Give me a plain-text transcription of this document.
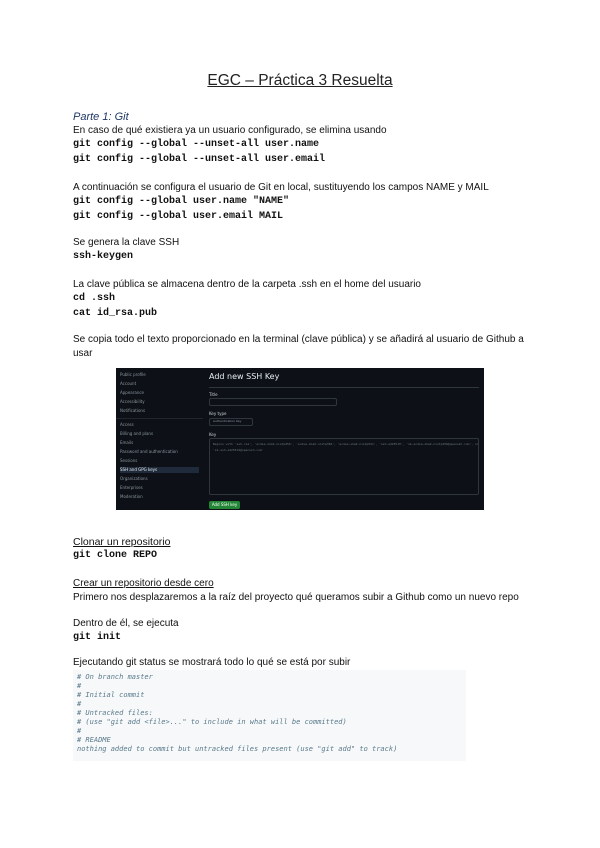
EGC – Práctica 3 Resuelta
Parte 1: Git
En caso de qué existiera ya un usuario configurado, se elimina usando
git config --global --unset-all user.name
git config --global --unset-all user.email
A continuación se configura el usuario de Git en local, sustituyendo los campos NAME y MAIL
git config --global user.name "NAME"
git config --global user.email MAIL
Se genera la clave SSH
ssh-keygen
La clave pública se almacena dentro de la carpeta .ssh en el home del usuario
cd .ssh
cat id_rsa.pub
Se copia todo el texto proporcionado en la terminal (clave pública) y se añadirá al usuario de Github a usar
Public profile
Account
Appearance
Accessibility
Notifications
Access
Billing and plans
Emails
Password and authentication
Sessions
SSH and GPG keys
Organizations
Enterprises
Moderation
Add new SSH Key
Title
Key type
Authentication Key
Key
Begins with 'ssh-rsa', 'ecdsa-sha2-nistp256', 'ecdsa-sha2-nistp384', 'ecdsa-sha2-nistp521', 'ssh-ed25519', 'sk-ecdsa-sha2-nistp256@openssh.com', or
'sk-ssh-ed25519@openssh.com'
Add SSH key
Clonar un repositorio
git clone REPO
Crear un repositorio desde cero
Primero nos desplazaremos a la raíz del proyecto qué queramos subir a Github como un nuevo repo
Dentro de él, se ejecuta
git init
Ejecutando git status se mostrará todo lo qué se está por subir
# On branch master
#
# Initial commit
#
# Untracked files:
# (use "git add <file>..." to include in what will be committed)
#
# README
nothing added to commit but untracked files present (use "git add" to track)
